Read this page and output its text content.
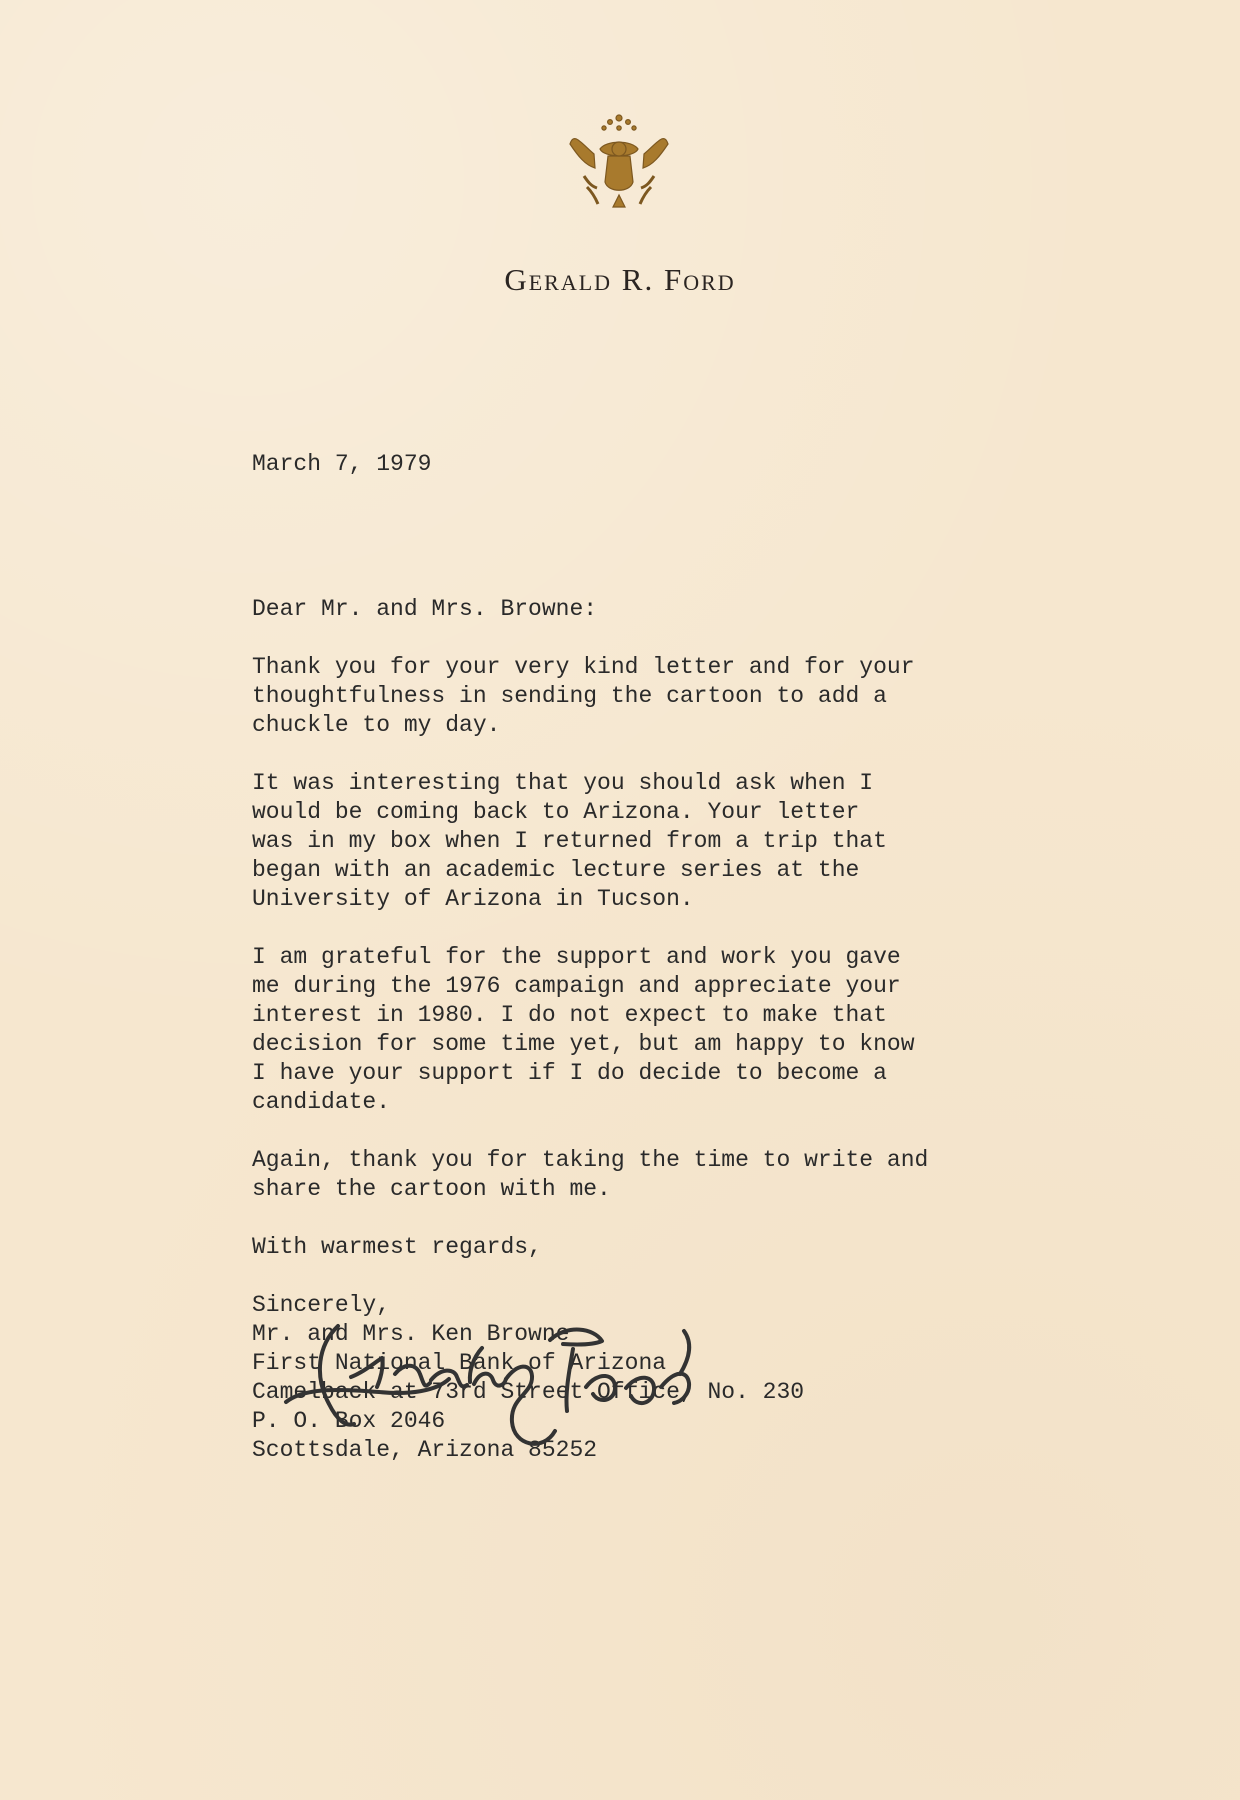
Gerald R. Ford

March 7, 1979

Dear Mr. and Mrs. Browne:

Thank you for your very kind letter and for your
thoughtfulness in sending the cartoon to add a
chuckle to my day.

It was interesting that you should ask when I
would be coming back to Arizona. Your letter
was in my box when I returned from a trip that
began with an academic lecture series at the
University of Arizona in Tucson.

I am grateful for the support and work you gave
me during the 1976 campaign and appreciate your
interest in 1980. I do not expect to make that
decision for some time yet, but am happy to know
I have your support if I do decide to become a
candidate.

Again, thank you for taking the time to write and
share the cartoon with me.

With warmest regards,

Sincerely,

Mr. and Mrs. Ken Browne
First National Bank of Arizona
Camelback at 73rd Street Office, No. 230
P. O. Box 2046
Scottsdale, Arizona 85252
